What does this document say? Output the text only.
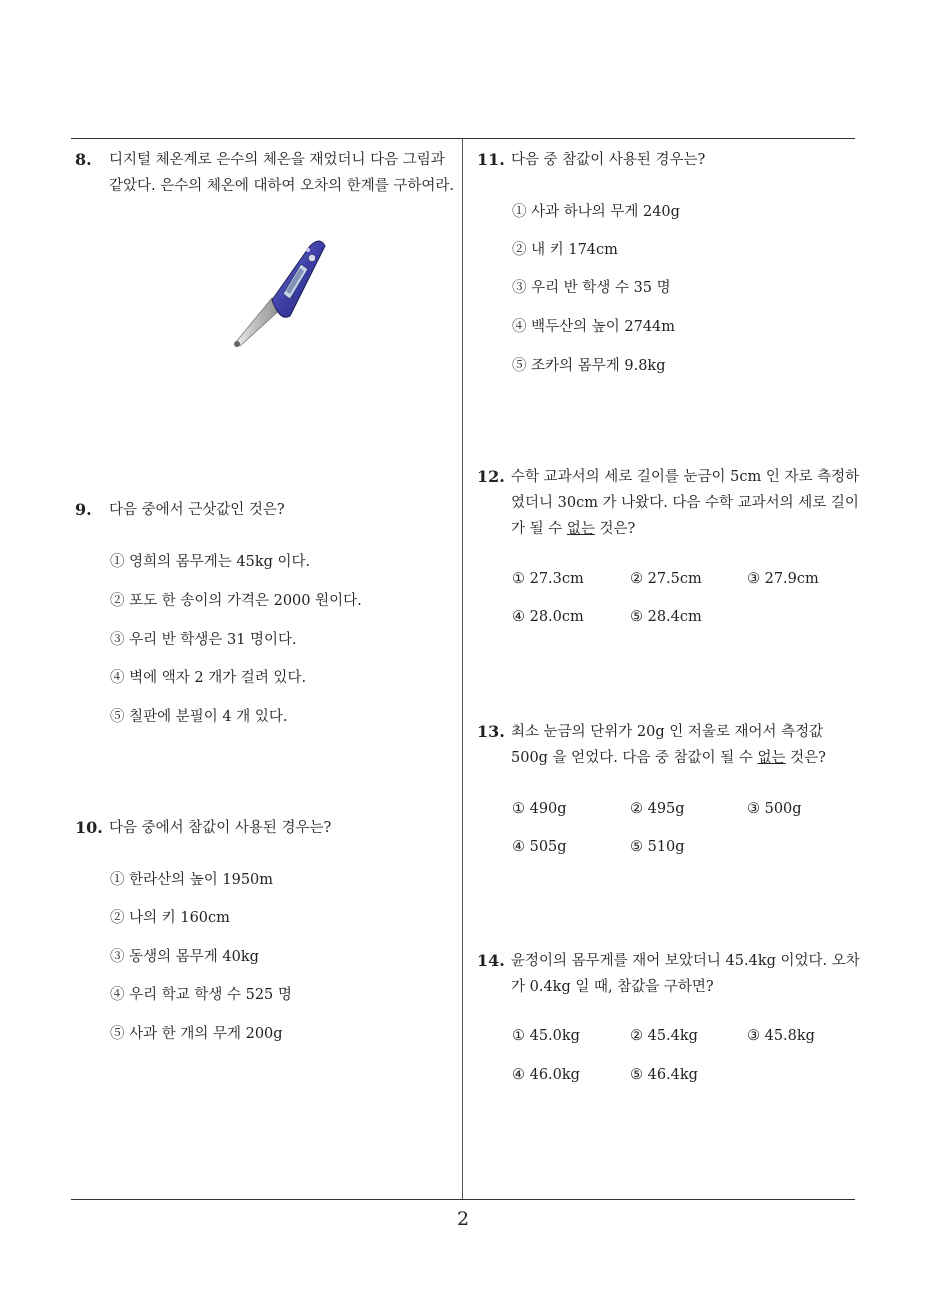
8. 디지털 체온계로 은수의 체온을 재었더니 다음 그림과 같았다. 은수의 체온에 대하여 오차의 한계를 구하여라.
9. 다음 중에서 근삿값인 것은?
① 영희의 몸무게는 45kg 이다.
② 포도 한 송이의 가격은 2000 원이다.
③ 우리 반 학생은 31 명이다.
④ 벽에 액자 2 개가 걸려 있다.
⑤ 칠판에 분필이 4 개 있다.
10. 다음 중에서 참값이 사용된 경우는?
① 한라산의 높이 1950m
② 나의 키 160cm
③ 동생의 몸무게 40kg
④ 우리 학교 학생 수 525 명
⑤ 사과 한 개의 무게 200g
11. 다음 중 참값이 사용된 경우는?
① 사과 하나의 무게 240g
② 내 키 174cm
③ 우리 반 학생 수 35 명
④ 백두산의 높이 2744m
⑤ 조카의 몸무게 9.8kg
12. 수학 교과서의 세로 길이를 눈금이 5cm 인 자로 측정하였더니 30cm 가 나왔다. 다음 수학 교과서의 세로 길이가 될 수 없는 것은?
① 27.3cm	② 27.5cm	③ 27.9cm
④ 28.0cm	⑤ 28.4cm
13. 최소 눈금의 단위가 20g 인 저울로 재어서 측정값 500g 을 얻었다. 다음 중 참값이 될 수 없는 것은?
① 490g	② 495g	③ 500g
④ 505g	⑤ 510g
14. 윤정이의 몸무게를 재어 보았더니 45.4kg 이었다. 오차가 0.4kg 일 때, 참값을 구하면?
① 45.0kg	② 45.4kg	③ 45.8kg
④ 46.0kg	⑤ 46.4kg
2
